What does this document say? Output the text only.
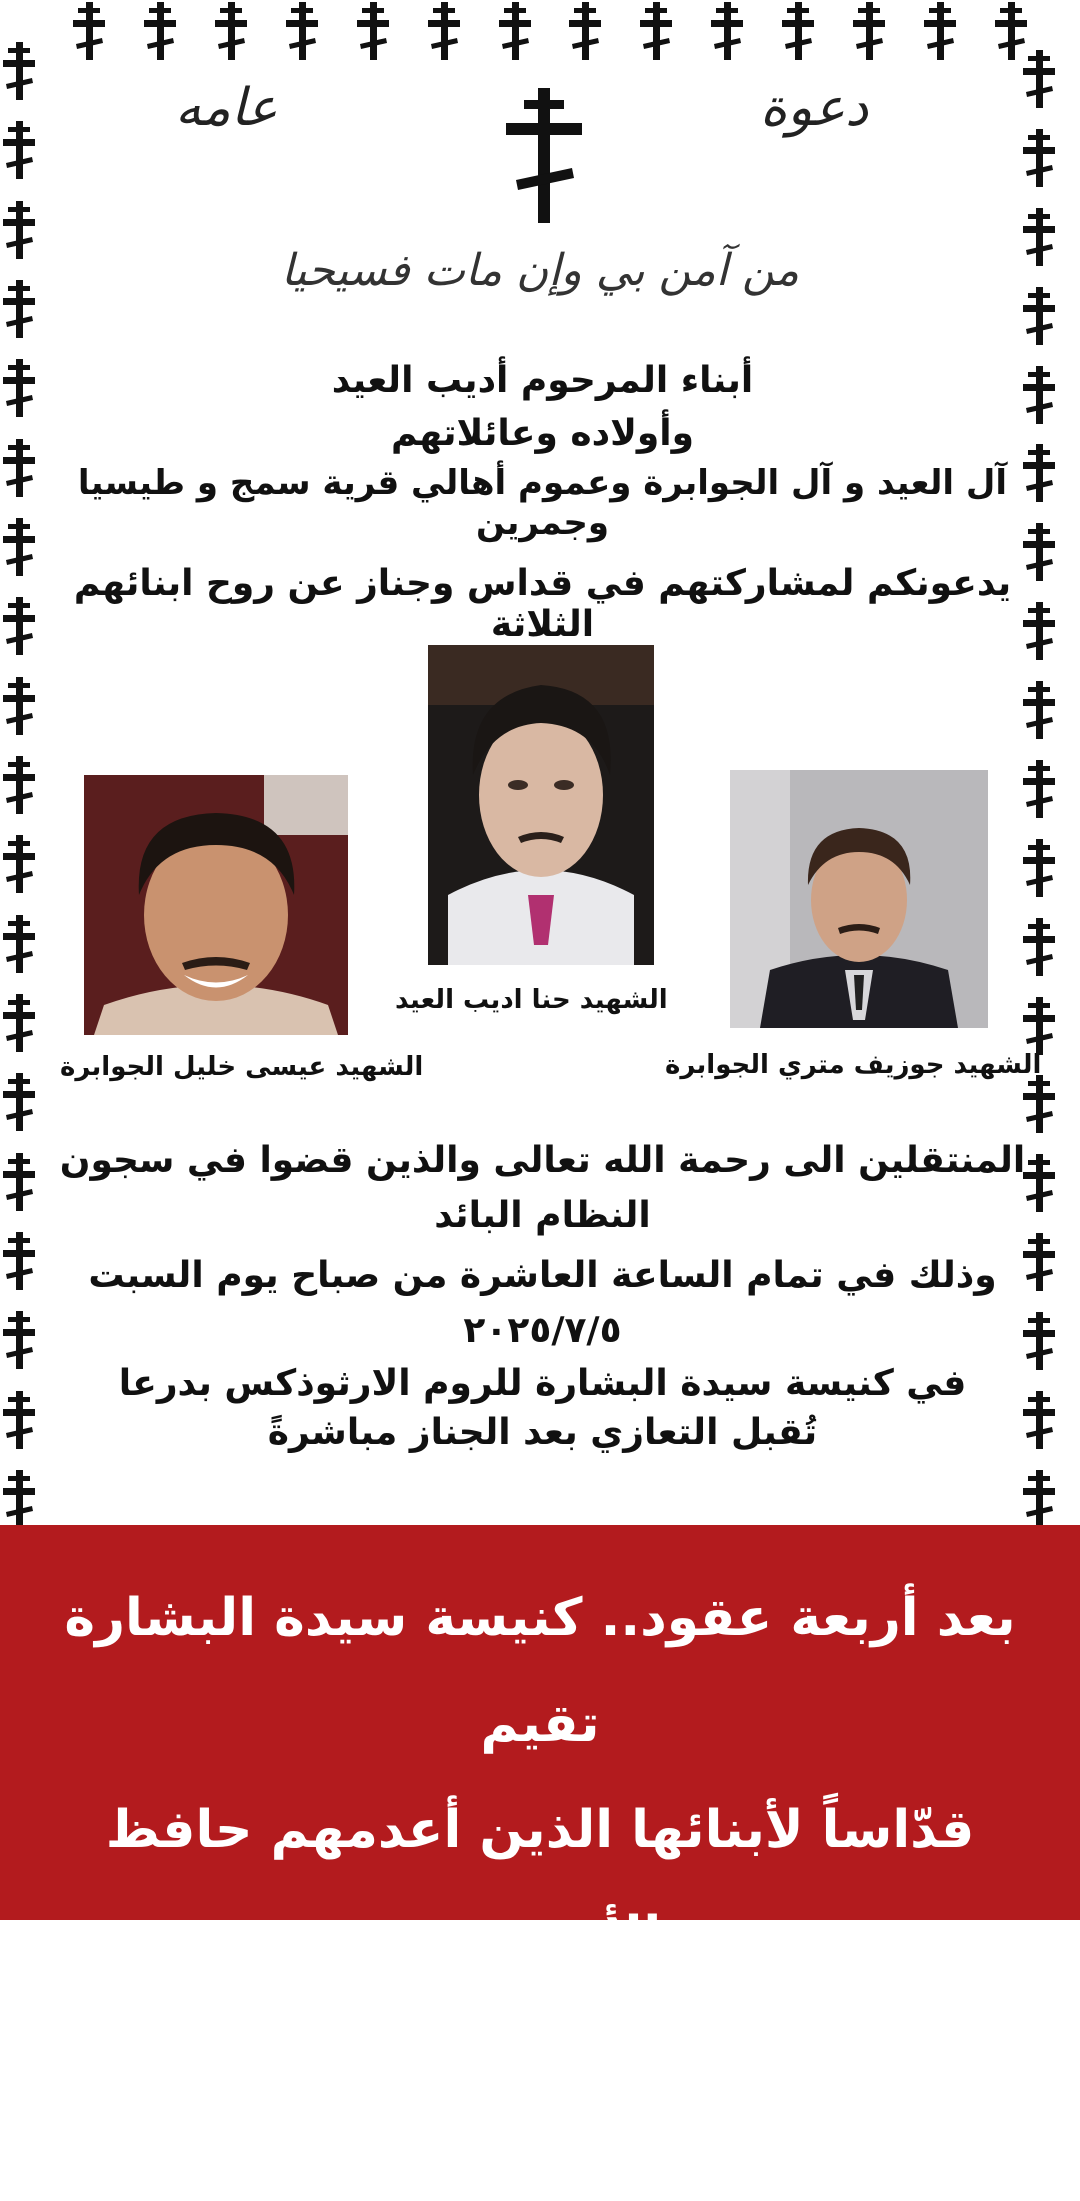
دعوة
عامه
من آمن بي وإن مات فسيحيا
أبناء المرحوم أديب العيد
وأولاده وعائلاتهم
آل العيد و آل الجوابرة وعموم أهالي قرية سمج و طيسيا وجمرين
يدعونكم لمشاركتهم في قداس وجناز عن روح ابنائهم الثلاثة
الشهيد حنا اديب العيد
الشهيد عيسى خليل الجوابرة	الشهيد جوزيف متري الجوابرة
المنتقلين الى رحمة الله تعالى والذين قضوا في سجون
النظام البائد
وذلك في تمام الساعة العاشرة من صباح يوم السبت
٢٠٢٥/٧/٥
في كنيسة سيدة البشارة للروم الارثوذكس بدرعا
تُقبل التعازي بعد الجناز مباشرةً
بعد أربعة عقود.. كنيسة سيدة البشارة تقيم
قدّاساً لأبنائها الذين أعدمهم حافظ الأسد في
سجن تدمر بعد كشف زمان الوصل مصيرهم
